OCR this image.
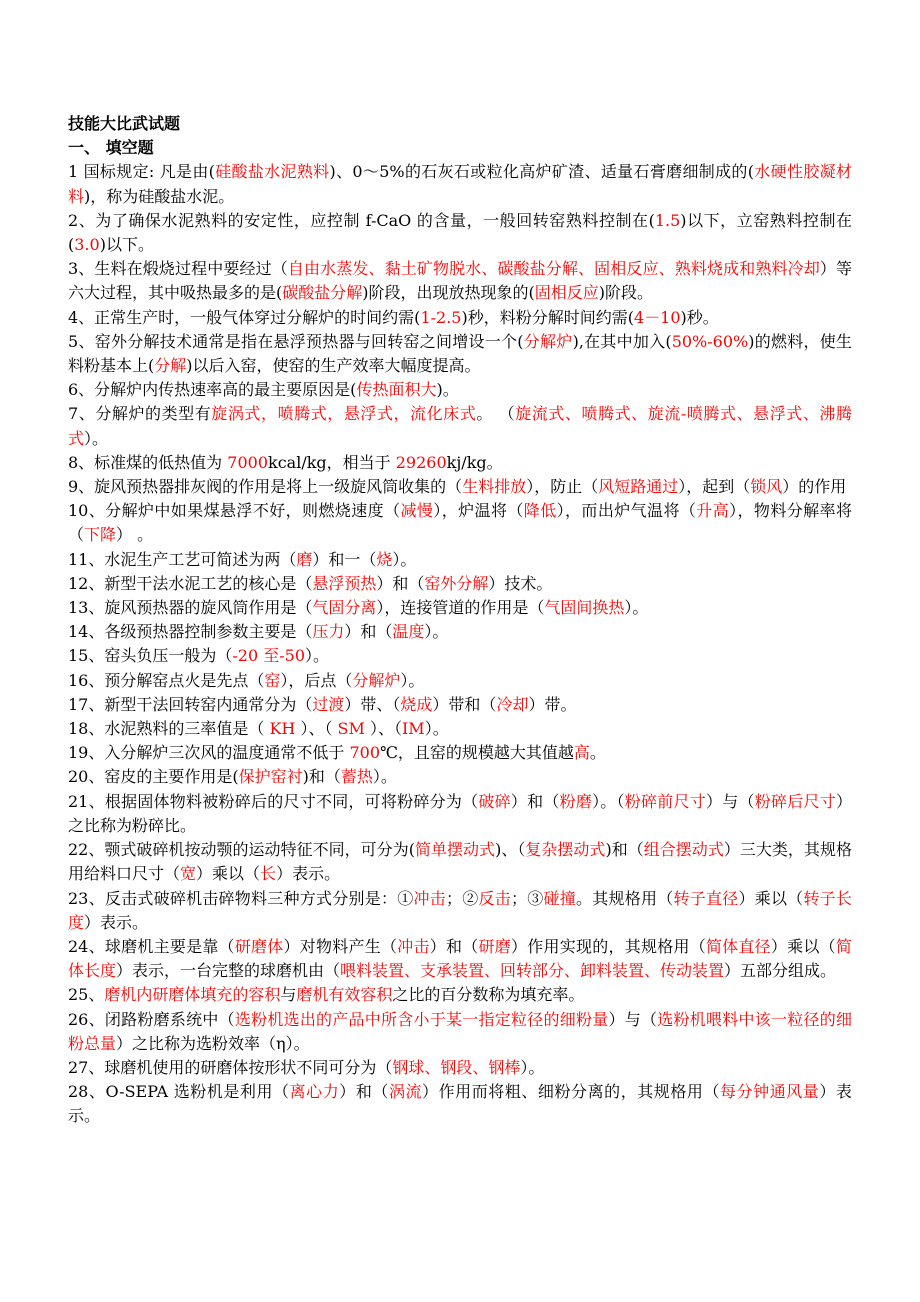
技能大比武试题
一、 填空题
1 国标规定: 凡是由(硅酸盐水泥熟料)、0～5%的石灰石或粒化高炉矿渣、适量石膏磨细制成的(水硬性胶凝材料)，称为硅酸盐水泥。
2、为了确保水泥熟料的安定性，应控制 f-CaO 的含量，一般回转窑熟料控制在(1.5)以下，立窑熟料控制在(3.0)以下。
3、生料在煅烧过程中要经过（自由水蒸发、黏土矿物脱水、碳酸盐分解、固相反应、熟料烧成和熟料冷却）等六大过程，其中吸热最多的是(碳酸盐分解)阶段，出现放热现象的(固相反应)阶段。
4、正常生产时，一般气体穿过分解炉的时间约需(1-2.5)秒，料粉分解时间约需(4－10)秒。
5、窑外分解技术通常是指在悬浮预热器与回转窑之间增设一个(分解炉),在其中加入(50%-60%)的燃料，使生料粉基本上(分解)以后入窑，使窑的生产效率大幅度提高。
6、分解炉内传热速率高的最主要原因是(传热面积大)。
7、分解炉的类型有旋涡式，喷腾式，悬浮式，流化床式。 （旋流式、喷腾式、旋流-喷腾式、悬浮式、沸腾式）。
8、标准煤的低热值为 7000kcal/kg，相当于 29260kj/kg。
9、旋风预热器排灰阀的作用是将上一级旋风筒收集的（生料排放），防止（风短路通过），起到（锁风）的作用
10、分解炉中如果煤悬浮不好，则燃烧速度（减慢），炉温将（降低），而出炉气温将（升高），物料分解率将（下降） 。
11、水泥生产工艺可简述为两（磨）和一（烧）。
12、新型干法水泥工艺的核心是（悬浮预热）和（窑外分解）技术。
13、旋风预热器的旋风筒作用是（气固分离），连接管道的作用是（气固间换热）。
14、各级预热器控制参数主要是（压力）和（温度）。
15、窑头负压一般为（-20 至-50）。
16、预分解窑点火是先点（窑），后点（分解炉）。
17、新型干法回转窑内通常分为（过渡）带、（烧成）带和（冷却）带。
18、水泥熟料的三率值是（ KH ）、（ SM ）、（IM）。
19、入分解炉三次风的温度通常不低于 700℃，且窑的规模越大其值越高。
20、窑皮的主要作用是(保护窑衬)和（蓄热）。
21、根据固体物料被粉碎后的尺寸不同，可将粉碎分为（破碎）和（粉磨）。（粉碎前尺寸）与（粉碎后尺寸）之比称为粉碎比。
22、颚式破碎机按动颚的运动特征不同，可分为(简单摆动式)、（复杂摆动式)和（组合摆动式）三大类，其规格用给料口尺寸（宽）乘以（长）表示。
23、反击式破碎机击碎物料三种方式分别是：①冲击；②反击；③碰撞。其规格用（转子直径）乘以（转子长度）表示。
24、球磨机主要是靠（研磨体）对物料产生（冲击）和（研磨）作用实现的，其规格用（简体直径）乘以（简体长度）表示，一台完整的球磨机由（喂料装置、支承装置、回转部分、卸料装置、传动装置）五部分组成。
25、磨机内研磨体填充的容积与磨机有效容积之比的百分数称为填充率。
26、闭路粉磨系统中（选粉机选出的产品中所含小于某一指定粒径的细粉量）与（选粉机喂料中该一粒径的细粉总量）之比称为选粉效率（η）。
27、球磨机使用的研磨体按形状不同可分为（钢球、钢段、钢棒）。
28、O-SEPA 选粉机是利用（离心力）和（涡流）作用而将粗、细粉分离的，其规格用（每分钟通风量）表示。
